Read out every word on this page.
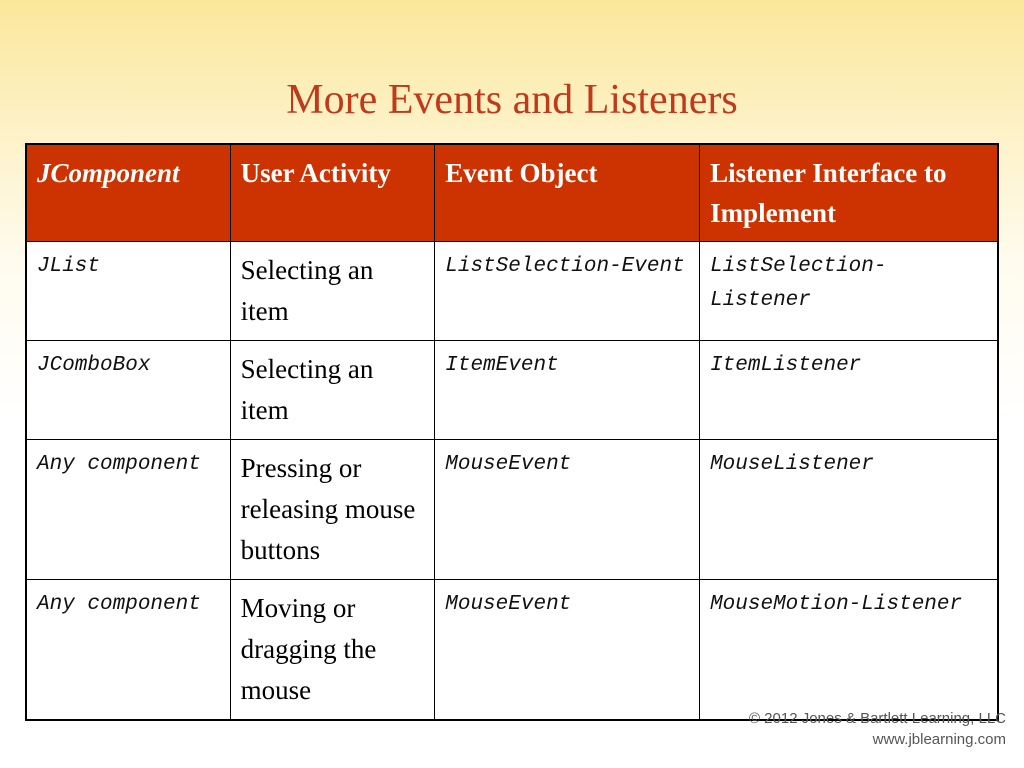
More Events and Listeners
JComponent	User Activity	Event Object	Listener Interface to Implement
JList	Selecting an item	ListSelection-Event	ListSelection-Listener
JComboBox	Selecting an item	ItemEvent	ItemListener
Any component	Pressing or releasing mouse buttons	MouseEvent	MouseListener
Any component	Moving or dragging the mouse	MouseEvent	MouseMotion-Listener
© 2012 Jones & Bartlett Learning, LLC
www.jblearning.com
